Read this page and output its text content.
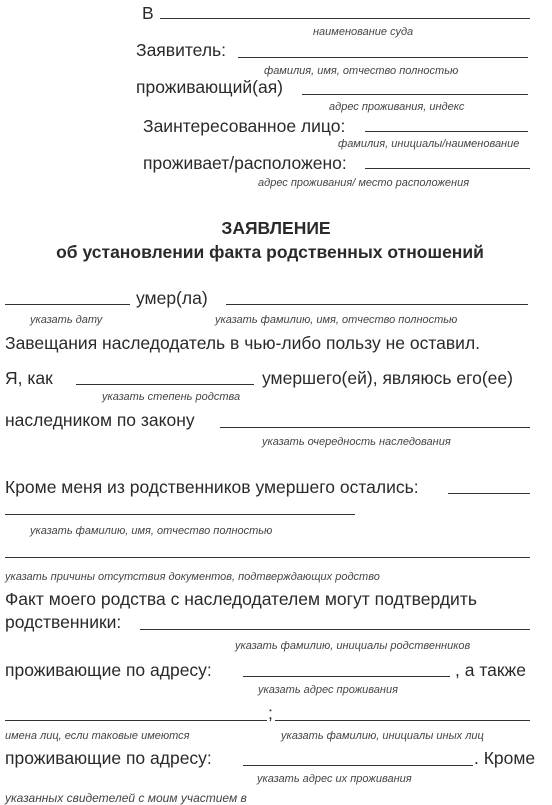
В
наименование суда
Заявитель:
фамилия, имя, отчество полностью
проживающий(ая)
адрес проживания, индекс
Заинтересованное лицо:
фамилия, инициалы/наименование
проживает/расположено:
адрес проживания/ место расположения
ЗАЯВЛЕНИЕ
об установлении факта родственных отношений
умер(ла)
указать дату	указать фамилию, имя, отчество полностью
Завещания наследодатель в чью-либо пользу не оставил.
Я, как	умершего(ей), являюсь его(ее)
указать степень родства
наследником по закону
указать очередность наследования
Кроме меня из родственников умершего остались:
указать фамилию, имя, отчество полностью
указать причины отсутствия документов, подтверждающих родство
Факт моего родства с наследодателем могут подтвердить
родственники:
указать фамилию, инициалы родственников
проживающие по адресу:	, а также
указать адрес проживания
;
имена лиц, если таковые имеются	указать фамилию, инициалы иных лиц
проживающие по адресу:	. Кроме
указать адрес их проживания
указанных свидетелей с моим участием в
